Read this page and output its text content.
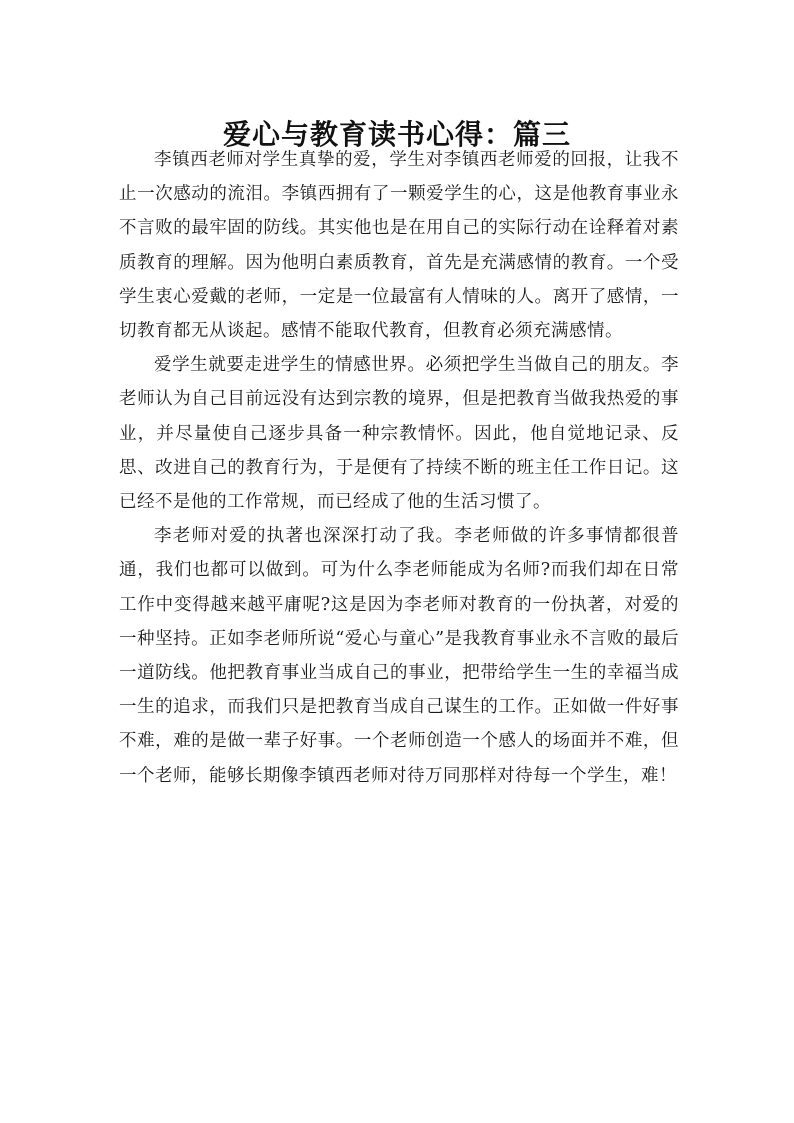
爱心与教育读书心得：篇三

李镇西老师对学生真挚的爱，学生对李镇西老师爱的回报，让我不止一次感动的流泪。李镇西拥有了一颗爱学生的心，这是他教育事业永不言败的最牢固的防线。其实他也是在用自己的实际行动在诠释着对素质教育的理解。因为他明白素质教育，首先是充满感情的教育。一个受学生衷心爱戴的老师，一定是一位最富有人情味的人。离开了感情，一切教育都无从谈起。感情不能取代教育，但教育必须充满感情。

爱学生就要走进学生的情感世界。必须把学生当做自己的朋友。李老师认为自己目前远没有达到宗教的境界，但是把教育当做我热爱的事业，并尽量使自己逐步具备一种宗教情怀。因此，他自觉地记录、反思、改进自己的教育行为，于是便有了持续不断的班主任工作日记。这已经不是他的工作常规，而已经成了他的生活习惯了。

李老师对爱的执著也深深打动了我。李老师做的许多事情都很普通，我们也都可以做到。可为什么李老师能成为名师?而我们却在日常工作中变得越来越平庸呢?这是因为李老师对教育的一份执著，对爱的一种坚持。正如李老师所说“爱心与童心”是我教育事业永不言败的最后一道防线。他把教育事业当成自己的事业，把带给学生一生的幸福当成一生的追求，而我们只是把教育当成自己谋生的工作。正如做一件好事不难，难的是做一辈子好事。一个老师创造一个感人的场面并不难，但一个老师，能够长期像李镇西老师对待万同那样对待每一个学生，难！
